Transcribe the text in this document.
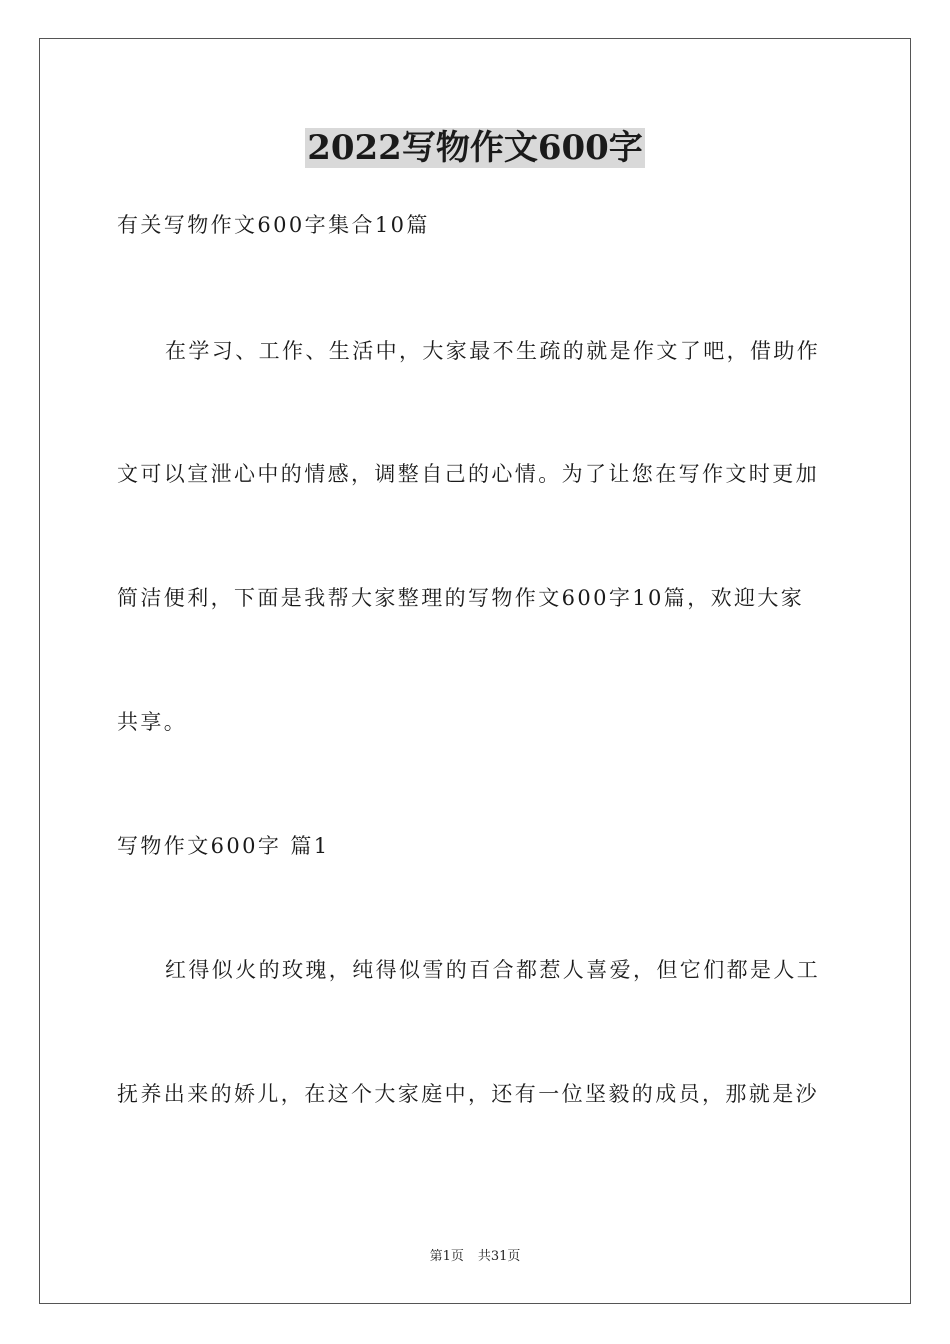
2022写物作文600字
有关写物作文600字集合10篇
在学习、工作、生活中，大家最不生疏的就是作文了吧，借助作
文可以宣泄心中的情感，调整自己的心情。为了让您在写作文时更加
简洁便利，下面是我帮大家整理的写物作文600字10篇，欢迎大家
共享。
写物作文600字 篇1
红得似火的玫瑰，纯得似雪的百合都惹人喜爱，但它们都是人工
抚养出来的娇儿，在这个大家庭中，还有一位坚毅的成员，那就是沙
第1页 共31页
